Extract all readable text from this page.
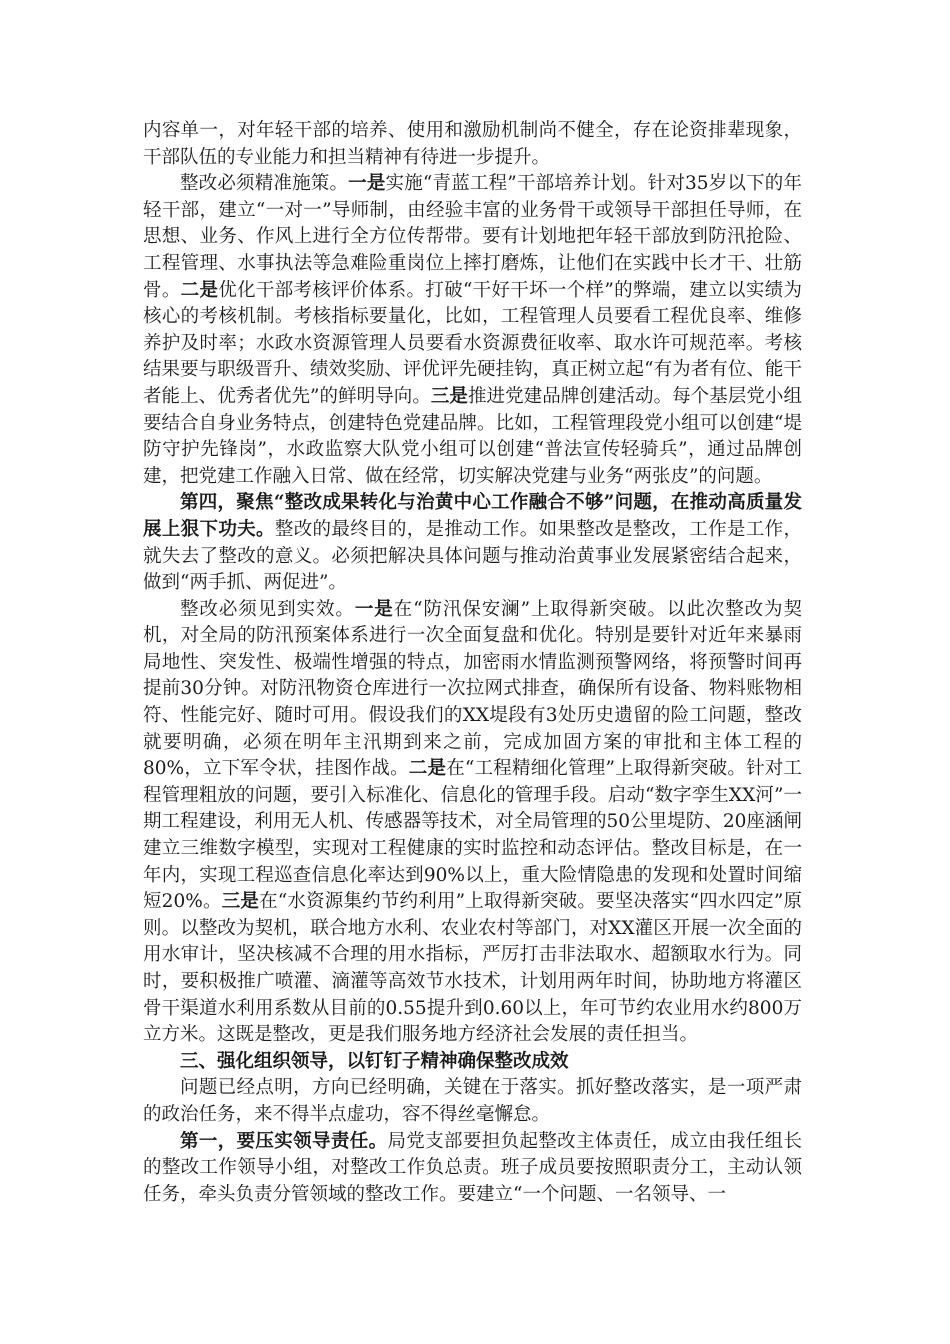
内容单一，对年轻干部的培养、使用和激励机制尚不健全，存在论资排辈现象，干部队伍的专业能力和担当精神有待进一步提升。

整改必须精准施策。一是实施“青蓝工程”干部培养计划。针对35岁以下的年轻干部，建立“一对一”导师制，由经验丰富的业务骨干或领导干部担任导师，在思想、业务、作风上进行全方位传帮带。要有计划地把年轻干部放到防汛抢险、工程管理、水事执法等急难险重岗位上摔打磨炼，让他们在实践中长才干、壮筋骨。二是优化干部考核评价体系。打破“干好干坏一个样”的弊端，建立以实绩为核心的考核机制。考核指标要量化，比如，工程管理人员要看工程优良率、维修养护及时率；水政水资源管理人员要看水资源费征收率、取水许可规范率。考核结果要与职级晋升、绩效奖励、评优评先硬挂钩，真正树立起“有为者有位、能干者能上、优秀者优先”的鲜明导向。三是推进党建品牌创建活动。每个基层党小组要结合自身业务特点，创建特色党建品牌。比如，工程管理段党小组可以创建“堤防守护先锋岗”，水政监察大队党小组可以创建“普法宣传轻骑兵”，通过品牌创建，把党建工作融入日常、做在经常，切实解决党建与业务“两张皮”的问题。

第四，聚焦“整改成果转化与治黄中心工作融合不够”问题，在推动高质量发展上狠下功夫。整改的最终目的，是推动工作。如果整改是整改，工作是工作，就失去了整改的意义。必须把解决具体问题与推动治黄事业发展紧密结合起来，做到“两手抓、两促进”。

整改必须见到实效。一是在“防汛保安澜”上取得新突破。以此次整改为契机，对全局的防汛预案体系进行一次全面复盘和优化。特别是要针对近年来暴雨局地性、突发性、极端性增强的特点，加密雨水情监测预警网络，将预警时间再提前30分钟。对防汛物资仓库进行一次拉网式排查，确保所有设备、物料账物相符、性能完好、随时可用。假设我们的XX堤段有3处历史遗留的险工问题，整改就要明确，必须在明年主汛期到来之前，完成加固方案的审批和主体工程的80%，立下军令状，挂图作战。二是在“工程精细化管理”上取得新突破。针对工程管理粗放的问题，要引入标准化、信息化的管理手段。启动“数字孪生XX河”一期工程建设，利用无人机、传感器等技术，对全局管理的50公里堤防、20座涵闸建立三维数字模型，实现对工程健康的实时监控和动态评估。整改目标是，在一年内，实现工程巡查信息化率达到90%以上，重大险情隐患的发现和处置时间缩短20%。三是在“水资源集约节约利用”上取得新突破。要坚决落实“四水四定”原则。以整改为契机，联合地方水利、农业农村等部门，对XX灌区开展一次全面的用水审计，坚决核减不合理的用水指标，严厉打击非法取水、超额取水行为。同时，要积极推广喷灌、滴灌等高效节水技术，计划用两年时间，协助地方将灌区骨干渠道水利用系数从目前的0.55提升到0.60以上，年可节约农业用水约800万立方米。这既是整改，更是我们服务地方经济社会发展的责任担当。

三、强化组织领导，以钉钉子精神确保整改成效

问题已经点明，方向已经明确，关键在于落实。抓好整改落实，是一项严肃的政治任务，来不得半点虚功，容不得丝毫懈怠。

第一，要压实领导责任。局党支部要担负起整改主体责任，成立由我任组长的整改工作领导小组，对整改工作负总责。班子成员要按照职责分工，主动认领任务，牵头负责分管领域的整改工作。要建立“一个问题、一名领导、一
